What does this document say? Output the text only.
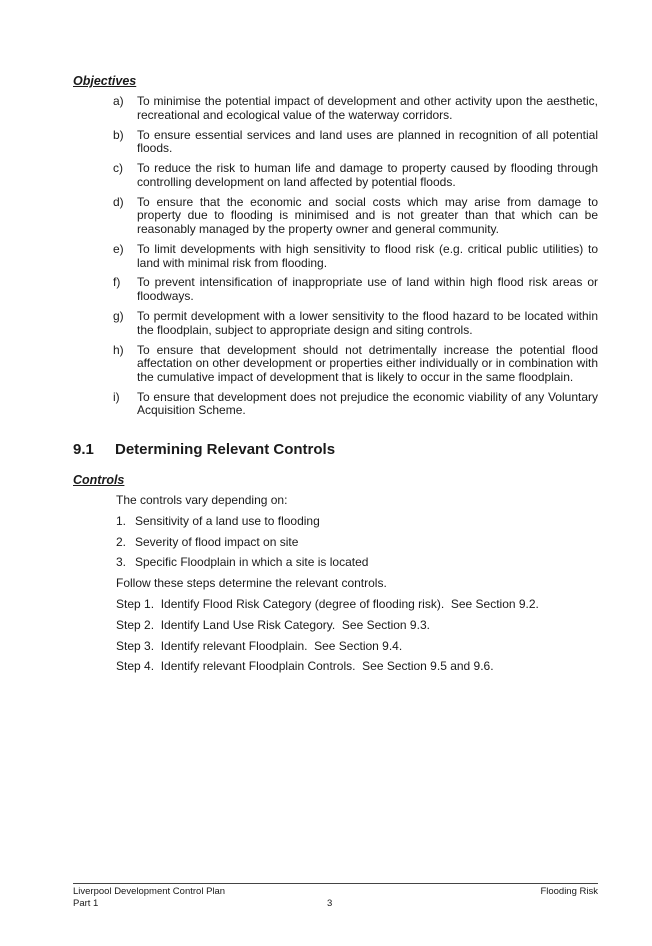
Objectives
a) To minimise the potential impact of development and other activity upon the aesthetic, recreational and ecological value of the waterway corridors.
b) To ensure essential services and land uses are planned in recognition of all potential floods.
c) To reduce the risk to human life and damage to property caused by flooding through controlling development on land affected by potential floods.
d) To ensure that the economic and social costs which may arise from damage to property due to flooding is minimised and is not greater than that which can be reasonably managed by the property owner and general community.
e) To limit developments with high sensitivity to flood risk (e.g. critical public utilities) to land with minimal risk from flooding.
f) To prevent intensification of inappropriate use of land within high flood risk areas or floodways.
g) To permit development with a lower sensitivity to the flood hazard to be located within the floodplain, subject to appropriate design and siting controls.
h) To ensure that development should not detrimentally increase the potential flood affectation on other development or properties either individually or in combination with the cumulative impact of development that is likely to occur in the same floodplain.
i) To ensure that development does not prejudice the economic viability of any Voluntary Acquisition Scheme.
9.1 Determining Relevant Controls
Controls
The controls vary depending on:
1. Sensitivity of a land use to flooding
2. Severity of flood impact on site
3. Specific Floodplain in which a site is located
Follow these steps determine the relevant controls.
Step 1.  Identify Flood Risk Category (degree of flooding risk).  See Section 9.2.
Step 2.  Identify Land Use Risk Category.  See Section 9.3.
Step 3.  Identify relevant Floodplain.  See Section 9.4.
Step 4.  Identify relevant Floodplain Controls.  See Section 9.5 and 9.6.
Liverpool Development Control Plan	Flooding Risk
Part 1	3
